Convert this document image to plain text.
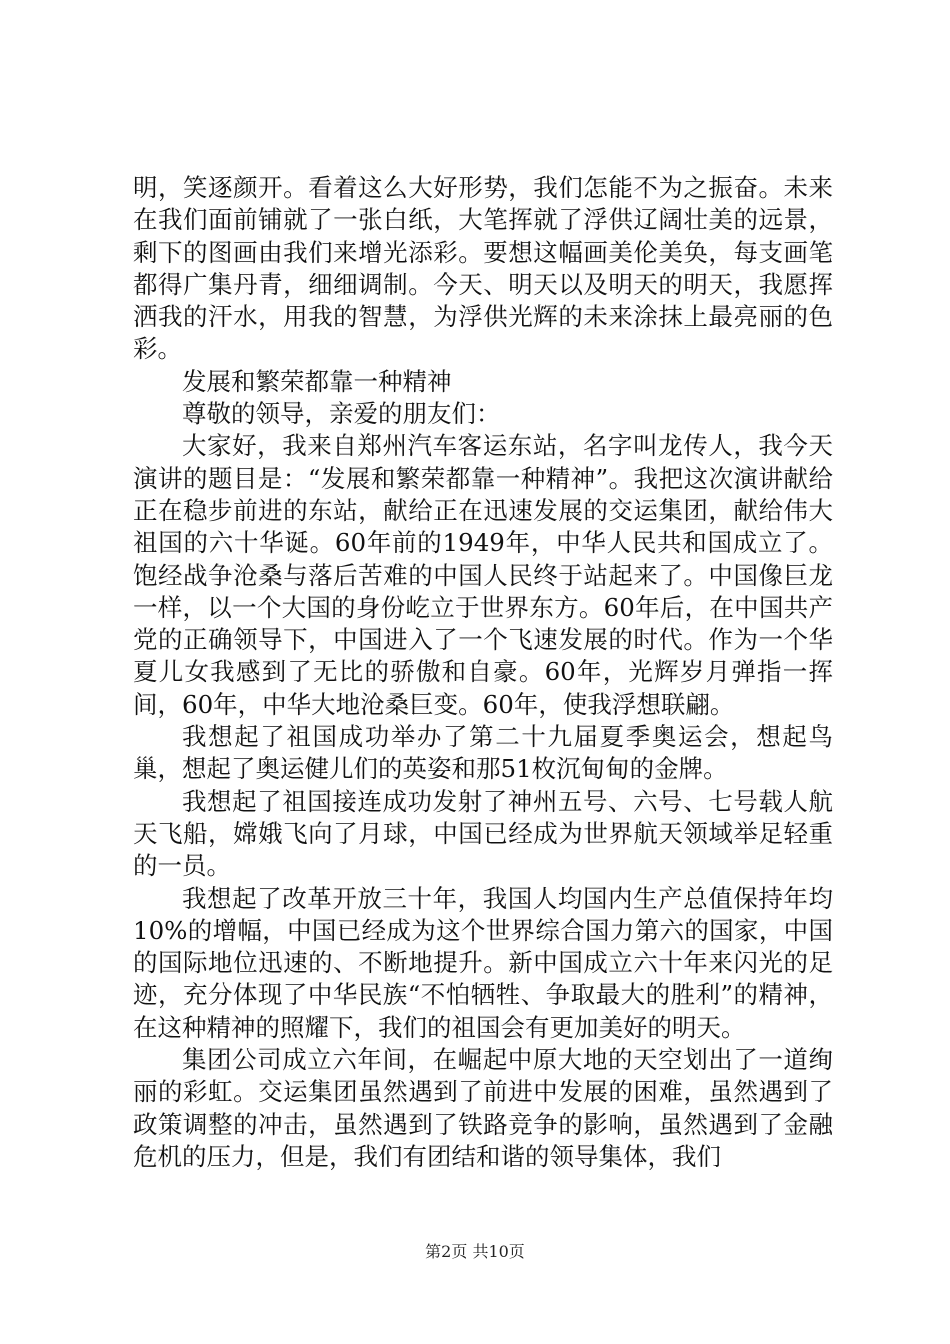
明，笑逐颜开。看着这么大好形势，我们怎能不为之振奋。未来在我们面前铺就了一张白纸，大笔挥就了浮供辽阔壮美的远景，剩下的图画由我们来增光添彩。要想这幅画美伦美奂，每支画笔都得广集丹青，细细调制。今天、明天以及明天的明天，我愿挥洒我的汗水，用我的智慧，为浮供光辉的未来涂抹上最亮丽的色彩。

发展和繁荣都靠一种精神

尊敬的领导，亲爱的朋友们：

大家好，我来自郑州汽车客运东站，名字叫龙传人，我今天演讲的题目是：“发展和繁荣都靠一种精神”。我把这次演讲献给正在稳步前进的东站，献给正在迅速发展的交运集团，献给伟大祖国的六十华诞。60年前的1949年，中华人民共和国成立了。饱经战争沧桑与落后苦难的中国人民终于站起来了。中国像巨龙一样，以一个大国的身份屹立于世界东方。60年后，在中国共产党的正确领导下，中国进入了一个飞速发展的时代。作为一个华夏儿女我感到了无比的骄傲和自豪。60年，光辉岁月弹指一挥间，60年，中华大地沧桑巨变。60年，使我浮想联翩。

我想起了祖国成功举办了第二十九届夏季奥运会，想起鸟巢，想起了奥运健儿们的英姿和那51枚沉甸甸的金牌。

我想起了祖国接连成功发射了神州五号、六号、七号载人航天飞船，嫦娥飞向了月球，中国已经成为世界航天领域举足轻重的一员。

我想起了改革开放三十年，我国人均国内生产总值保持年均10%的增幅，中国已经成为这个世界综合国力第六的国家，中国的国际地位迅速的、不断地提升。新中国成立六十年来闪光的足迹，充分体现了中华民族“不怕牺牲、争取最大的胜利”的精神，在这种精神的照耀下，我们的祖国会有更加美好的明天。

集团公司成立六年间，在崛起中原大地的天空划出了一道绚丽的彩虹。交运集团虽然遇到了前进中发展的困难，虽然遇到了政策调整的冲击，虽然遇到了铁路竞争的影响，虽然遇到了金融危机的压力，但是，我们有团结和谐的领导集体，我们

第2页 共10页
